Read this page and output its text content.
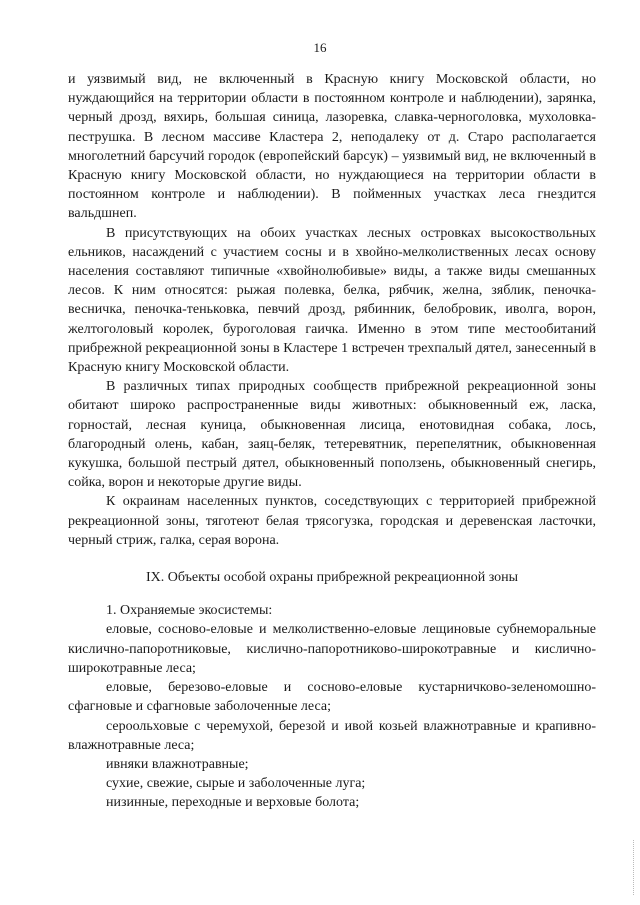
16

и уязвимый вид, не включенный в Красную книгу Московской области, но нуждающийся на территории области в постоянном контроле и наблюдении), зарянка, черный дрозд, вяхирь, большая синица, лазоревка, славка-черноголовка, мухоловка-пеструшка. В лесном массиве Кластера 2, неподалеку от д. Старо располагается многолетний барсучий городок (европейский барсук) – уязвимый вид, не включенный в Красную книгу Московской области, но нуждающиеся на территории области в постоянном контроле и наблюдении). В пойменных участках леса гнездится вальдшнеп.

В присутствующих на обоих участках лесных островках высокоствольных ельников, насаждений с участием сосны и в хвойно-мелколиственных лесах основу населения составляют типичные «хвойнолюбивые» виды, а также виды смешанных лесов. К ним относятся: рыжая полевка, белка, рябчик, желна, зяблик, пеночка-весничка, пеночка-теньковка, певчий дрозд, рябинник, белобровик, иволга, ворон, желтоголовый королек, буроголовая гаичка. Именно в этом типе местообитаний прибрежной рекреационной зоны в Кластере 1 встречен трехпалый дятел, занесенный в Красную книгу Московской области.

В различных типах природных сообществ прибрежной рекреационной зоны обитают широко распространенные виды животных: обыкновенный еж, ласка, горностай, лесная куница, обыкновенная лисица, енотовидная собака, лось, благородный олень, кабан, заяц-беляк, тетеревятник, перепелятник, обыкновенная кукушка, большой пестрый дятел, обыкновенный поползень, обыкновенный снегирь, сойка, ворон и некоторые другие виды.

К окраинам населенных пунктов, соседствующих с территорией прибрежной рекреационной зоны, тяготеют белая трясогузка, городская и деревенская ласточки, черный стриж, галка, серая ворона.

IX. Объекты особой охраны прибрежной рекреационной зоны

1. Охраняемые экосистемы:

еловые, сосново-еловые и мелколиственно-еловые лещиновые субнеморальные кислично-папоротниковые, кислично-папоротниково-широкотравные и кислично-широкотравные леса;

еловые, березово-еловые и сосново-еловые кустарничково-зеленомошно-сфагновые и сфагновые заболоченные леса;

сероольховые с черемухой, березой и ивой козьей влажнотравные и крапивно-влажнотравные леса;

ивняки влажнотравные;

сухие, свежие, сырые и заболоченные луга;

низинные, переходные и верховые болота;
